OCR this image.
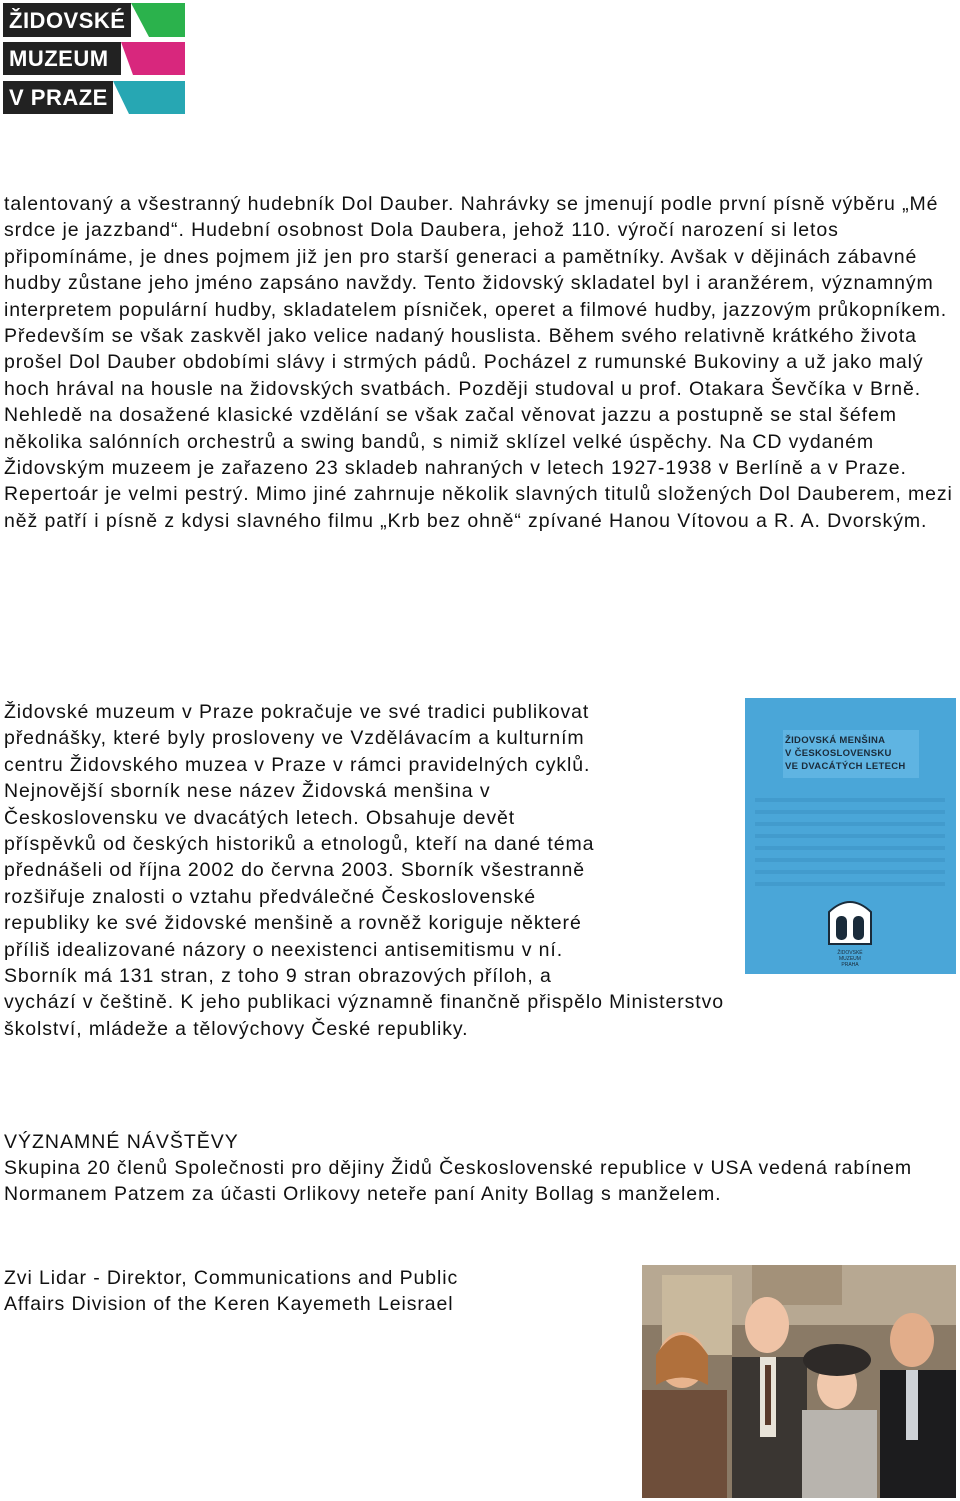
ŽIDOVSKÉ
MUZEUM
V PRAZE
talentovaný a všestranný hudebník Dol Dauber. Nahrávky se jmenují podle první písně výběru „Mé srdce je jazzband“. Hudební osobnost Dola Daubera, jehož 110. výročí narození si letos připomínáme, je dnes pojmem již jen pro starší generaci a pamětníky. Avšak v dějinách zábavné hudby zůstane jeho jméno zapsáno navždy. Tento židovský skladatel byl i aranžérem, významným interpretem populární hudby, skladatelem písniček, operet a filmové hudby, jazzovým průkopníkem. Především se však zaskvěl jako velice nadaný houslista. Během svého relativně krátkého života prošel Dol Dauber obdobími slávy i strmých pádů. Pocházel z rumunské Bukoviny a už jako malý hoch hrával na housle na židovských svatbách. Později studoval u prof. Otakara Ševčíka v Brně. Nehledě na dosažené klasické vzdělání se však začal věnovat jazzu a postupně se stal šéfem několika salónních orchestrů a swing bandů, s nimiž sklízel velké úspěchy. Na CD vydaném Židovským muzeem je zařazeno 23 skladeb nahraných v letech 1927-1938 v Berlíně a v Praze. Repertoár je velmi pestrý. Mimo jiné zahrnuje několik slavných titulů složených Dol Dauberem, mezi něž patří i písně z kdysi slavného filmu „Krb bez ohně“ zpívané Hanou Vítovou a R. A. Dvorským.
Židovské muzeum v Praze pokračuje ve své tradici publikovat
přednášky, které byly prosloveny ve Vzdělávacím a kulturním
centru Židovského muzea v Praze v rámci pravidelných cyklů.
Nejnovější sborník nese název Židovská menšina v
Československu ve dvacátých letech. Obsahuje devět
příspěvků od českých historiků a etnologů, kteří na dané téma
přednášeli od října 2002 do června 2003. Sborník všestranně
rozšiřuje znalosti o vztahu předválečné Československé
republiky ke své židovské menšině a rovněž koriguje některé
příliš idealizované názory o neexistenci antisemitismu v ní.
Sborník má 131 stran, z toho 9 stran obrazových příloh, a
vychází v češtině. K jeho publikaci významně finančně přispělo Ministerstvo
školství, mládeže a tělovýchovy České republiky.
ŽIDOVSKÁ MENŠINA
V ČESKOSLOVENSKU
VE DVACÁTÝCH LETECH
ŽIDOVSKÉ
MUZEUM
PRAHA
VÝZNAMNÉ NÁVŠTĚVY
Skupina 20 členů Společnosti pro dějiny Židů Československé republice v USA vedená rabínem Normanem Patzem za účasti Orlikovy neteře paní Anity Bollag s manželem.
Zvi Lidar - Direktor, Communications and Public
Affairs Division of the Keren Kayemeth Leisrael
